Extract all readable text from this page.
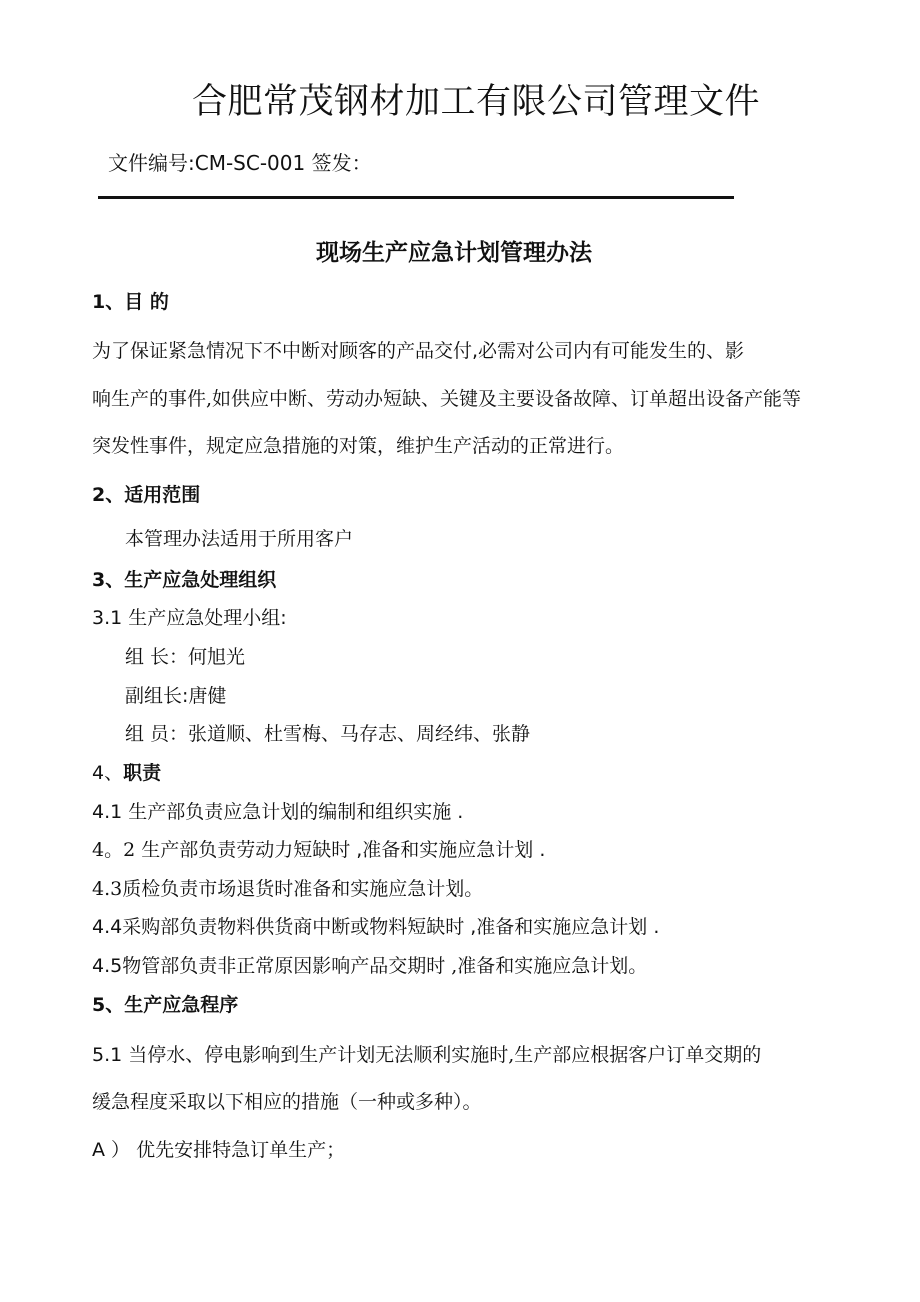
合肥常茂钢材加工有限公司管理文件
文件编号:CM-SC-001 签发：
现场生产应急计划管理办法
1、目 的
为了保证紧急情况下不中断对顾客的产品交付,必需对公司内有可能发生的、影
响生产的事件,如供应中断、劳动办短缺、关键及主要设备故障、订单超出设备产能等
突发性事件，规定应急措施的对策，维护生产活动的正常进行。
2、适用范围
本管理办法适用于所用客户
3、生产应急处理组织
3.1 生产应急处理小组:
组 长：何旭光
副组长:唐健
组 员：张道顺、杜雪梅、马存志、周经纬、张静
4、职责
4.1 生产部负责应急计划的编制和组织实施 .
4。2 生产部负责劳动力短缺时 ,准备和实施应急计划 .
4.3质检负责市场退货时准备和实施应急计划。
4.4采购部负责物料供货商中断或物料短缺时 ,准备和实施应急计划 .
4.5物管部负责非正常原因影响产品交期时 ,准备和实施应急计划。
5、生产应急程序
5.1 当停水、停电影响到生产计划无法顺利实施时,生产部应根据客户订单交期的
缓急程度采取以下相应的措施（一种或多种）。
A ） 优先安排特急订单生产；
